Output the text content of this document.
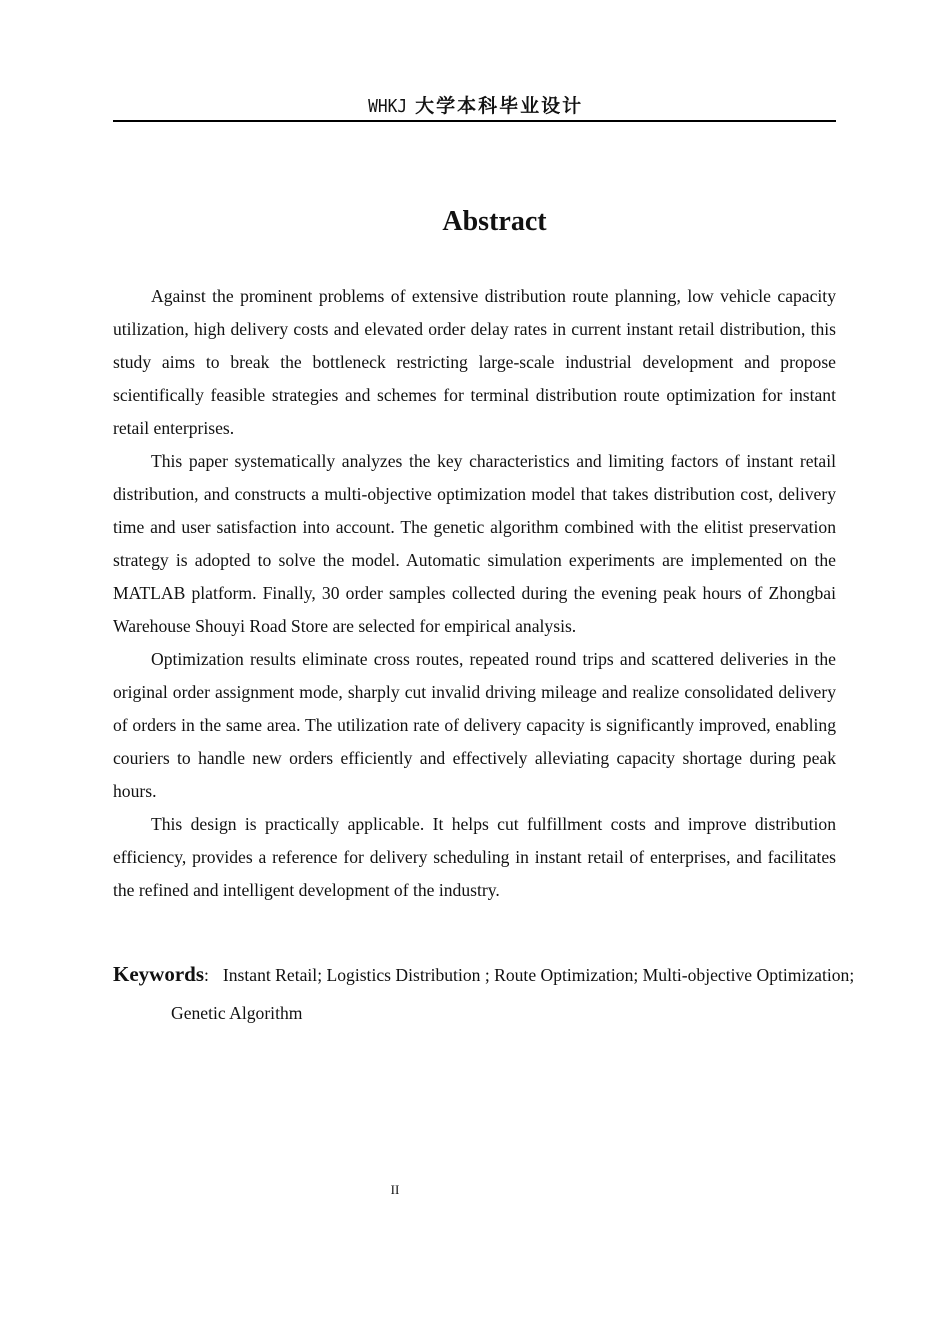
WHKJ 大学本科毕业设计
Abstract

Against the prominent problems of extensive distribution route planning, low vehicle capacity utilization, high delivery costs and elevated order delay rates in current instant retail distribution, this study aims to break the bottleneck restricting large-scale industrial development and propose scientifically feasible strategies and schemes for terminal distribution route optimization for instant retail enterprises.

This paper systematically analyzes the key characteristics and limiting factors of instant retail distribution, and constructs a multi-objective optimization model that takes distribution cost, delivery time and user satisfaction into account. The genetic algorithm combined with the elitist preservation strategy is adopted to solve the model. Automatic simulation experiments are implemented on the MATLAB platform. Finally, 30 order samples collected during the evening peak hours of Zhongbai Warehouse Shouyi Road Store are selected for empirical analysis.

Optimization results eliminate cross routes, repeated round trips and scattered deliveries in the original order assignment mode, sharply cut invalid driving mileage and realize consolidated delivery of orders in the same area. The utilization rate of delivery capacity is significantly improved, enabling couriers to handle new orders efficiently and effectively alleviating capacity shortage during peak hours.

This design is practically applicable. It helps cut fulfillment costs and improve distribution efficiency, provides a reference for delivery scheduling in instant retail of enterprises, and facilitates the refined and intelligent development of the industry.

Keywords: Instant Retail; Logistics Distribution ; Route Optimization; Multi-objective Optimization; Genetic Algorithm
II
